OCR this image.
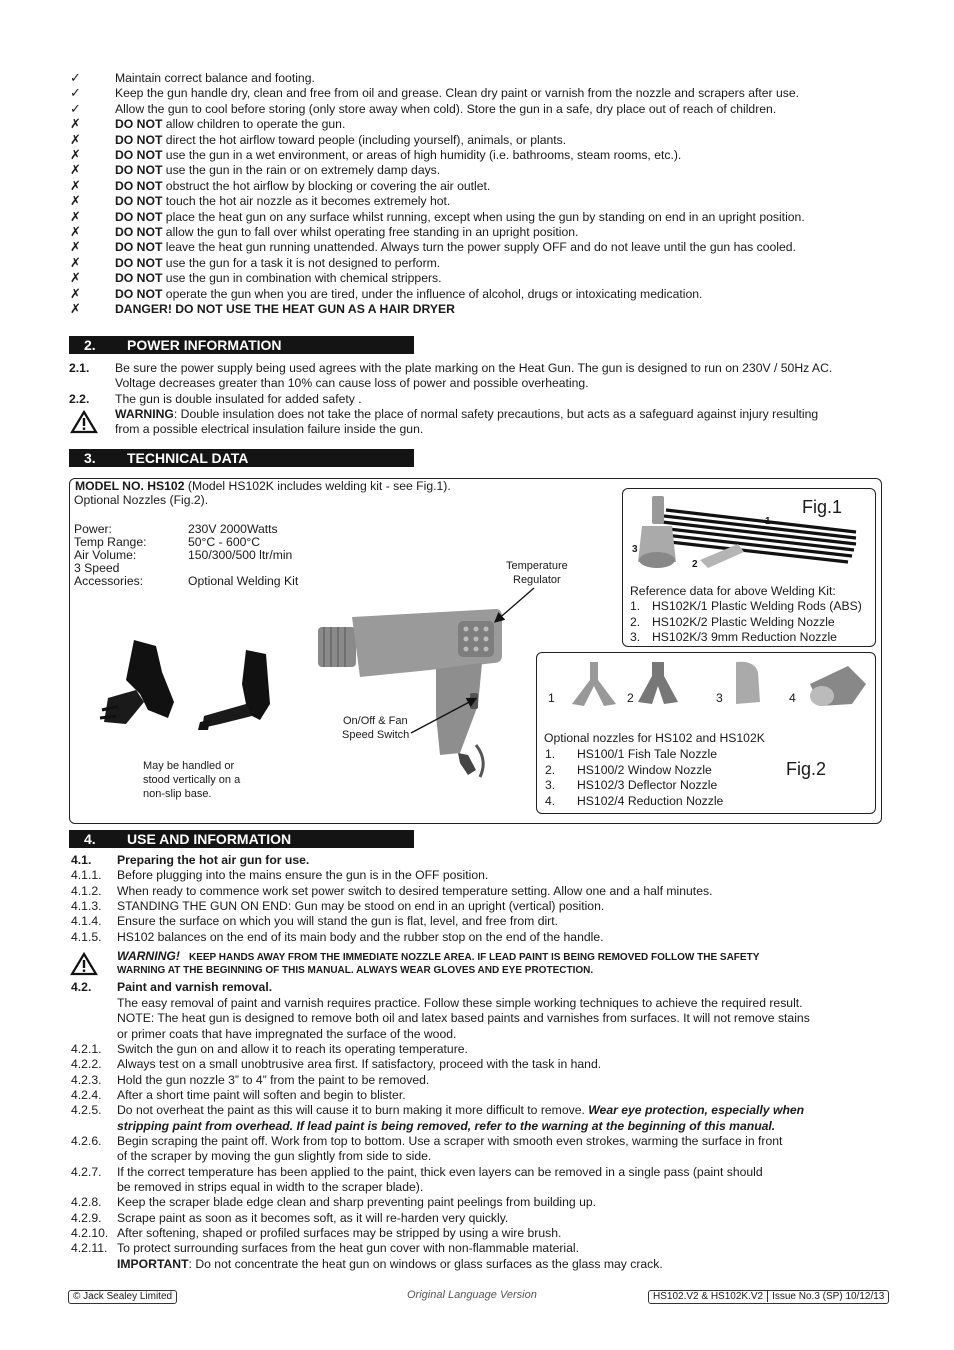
✓	Maintain correct balance and footing.
✓	Keep the gun handle dry, clean and free from oil and grease. Clean dry paint or varnish from the nozzle and scrapers after use.
✓	Allow the gun to cool before storing (only store away when cold). Store the gun in a safe, dry place out of reach of children.
✗	DO NOT allow children to operate the gun.
✗	DO NOT direct the hot airflow toward people (including yourself), animals, or plants.
✗	DO NOT use the gun in a wet environment, or areas of high humidity (i.e. bathrooms, steam rooms, etc.).
✗	DO NOT use the gun in the rain or on extremely damp days.
✗	DO NOT obstruct the hot airflow by blocking or covering the air outlet.
✗	DO NOT touch the hot air nozzle as it becomes extremely hot.
✗	DO NOT place the heat gun on any surface whilst running, except when using the gun by standing on end in an upright position.
✗	DO NOT allow the gun to fall over whilst operating free standing in an upright position.
✗	DO NOT leave the heat gun running unattended. Always turn the power supply OFF and do not leave until the gun has cooled.
✗	DO NOT use the gun for a task it is not designed to perform.
✗	DO NOT use the gun in combination with chemical strippers.
✗	DO NOT operate the gun when you are tired, under the influence of alcohol, drugs or intoxicating medication.
✗	DANGER! DO NOT USE THE HEAT GUN AS A HAIR DRYER
2. POWER INFORMATION
2.1. Be sure the power supply being used agrees with the plate marking on the Heat Gun. The gun is designed to run on 230V / 50Hz AC.
Voltage decreases greater than 10% can cause loss of power and possible overheating.
2.2. The gun is double insulated for added safety .
WARNING: Double insulation does not take the place of normal safety precautions, but acts as a safeguard against injury resulting
from a possible electrical insulation failure inside the gun.
3. TECHNICAL DATA
MODEL NO. HS102 (Model HS102K includes welding kit - see Fig.1).
Optional Nozzles (Fig.2).
Power:	230V 2000Watts
Temp Range:	50°C - 600°C
Air Volume:	150/300/500 ltr/min
3 Speed
Accessories:	Optional Welding Kit
Temperature
Regulator
On/Off & Fan
Speed Switch
May be handled or
stood vertically on a
non-slip base.
Fig.1
1
2
3
Reference data for above Welding Kit:
1. HS102K/1 Plastic Welding Rods (ABS)
2. HS102K/2 Plastic Welding Nozzle
3. HS102K/3 9mm Reduction Nozzle
1	2	3	4
Optional nozzles for HS102 and HS102K
1. HS100/1 Fish Tale Nozzle
2. HS100/2 Window Nozzle
3. HS102/3 Deflector Nozzle
4. HS102/4 Reduction Nozzle
Fig.2
4. USE AND INFORMATION
4.1. Preparing the hot air gun for use.
4.1.1. Before plugging into the mains ensure the gun is in the OFF position.
4.1.2. When ready to commence work set power switch to desired temperature setting. Allow one and a half minutes.
4.1.3. STANDING THE GUN ON END: Gun may be stood on end in an upright (vertical) position.
4.1.4. Ensure the surface on which you will stand the gun is flat, level, and free from dirt.
4.1.5. HS102 balances on the end of its main body and the rubber stop on the end of the handle.
WARNING! KEEP HANDS AWAY FROM THE IMMEDIATE NOZZLE AREA. IF LEAD PAINT IS BEING REMOVED FOLLOW THE SAFETY
WARNING AT THE BEGINNING OF THIS MANUAL. ALWAYS WEAR GLOVES AND EYE PROTECTION.
4.2. Paint and varnish removal.
The easy removal of paint and varnish requires practice. Follow these simple working techniques to achieve the required result.
NOTE: The heat gun is designed to remove both oil and latex based paints and varnishes from surfaces. It will not remove stains
or primer coats that have impregnated the surface of the wood.
4.2.1. Switch the gun on and allow it to reach its operating temperature.
4.2.2. Always test on a small unobtrusive area first. If satisfactory, proceed with the task in hand.
4.2.3. Hold the gun nozzle 3” to 4” from the paint to be removed.
4.2.4. After a short time paint will soften and begin to blister.
4.2.5. Do not overheat the paint as this will cause it to burn making it more difficult to remove. Wear eye protection, especially when
stripping paint from overhead. If lead paint is being removed, refer to the warning at the beginning of this manual.
4.2.6. Begin scraping the paint off. Work from top to bottom. Use a scraper with smooth even strokes, warming the surface in front
of the scraper by moving the gun slightly from side to side.
4.2.7. If the correct temperature has been applied to the paint, thick even layers can be removed in a single pass (paint should
be removed in strips equal in width to the scraper blade).
4.2.8. Keep the scraper blade edge clean and sharp preventing paint peelings from building up.
4.2.9. Scrape paint as soon as it becomes soft, as it will re-harden very quickly.
4.2.10. After softening, shaped or profiled surfaces may be stripped by using a wire brush.
4.2.11. To protect surrounding surfaces from the heat gun cover with non-flammable material.
IMPORTANT: Do not concentrate the heat gun on windows or glass surfaces as the glass may crack.
© Jack Sealey Limited	Original Language Version	HS102.V2 & HS102K.V2 Issue No.3 (SP) 10/12/13
